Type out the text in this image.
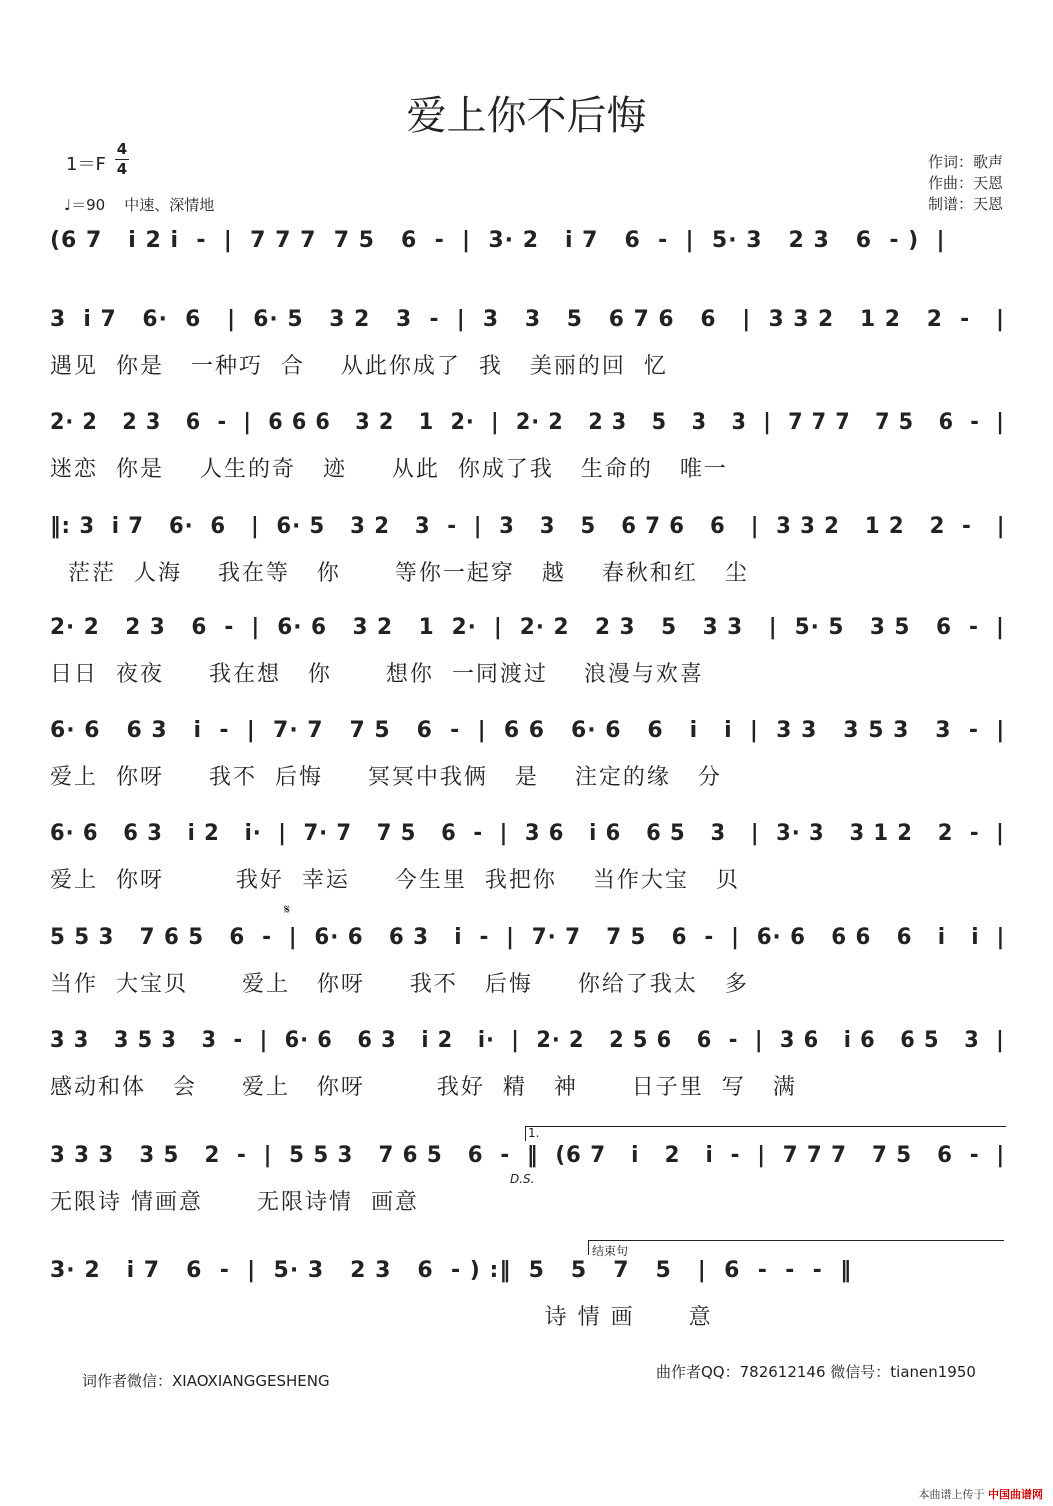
爱上你不后悔
1＝F
4
4
♩＝90 中速、深情地
作词：歌声
作曲：天恩
制谱：天恩
(6 7   i 2 i  -  |  7 7 7  7 5   6  -  |  3· 2   i 7   6  -  |  5· 3   2 3   6  - )  |
3  i 7   6·  6   |  6· 5   3 2   3  -  |  3   3   5   6 7 6   6   |  3 3 2   1 2   2  -   |
遇见  你是   一种巧  合    从此你成了  我   美丽的回  忆
2· 2   2 3   6  -  |  6 6 6   3 2   1  2·  |  2· 2   2 3   5   3   3  |  7 7 7   7 5   6  -  |
迷恋  你是    人生的奇   迹     从此  你成了我   生命的   唯一
‖: 3  i 7   6·  6   |  6· 5   3 2   3  -  |  3   3   5   6 7 6   6   |  3 3 2   1 2   2  -   |
茫茫  人海    我在等   你      等你一起穿   越    春秋和红   尘
2· 2   2 3   6  -  |  6· 6   3 2   1  2·  |  2· 2   2 3   5   3 3   |  5· 5   3 5   6  -  |
日日  夜夜     我在想   你      想你  一同渡过    浪漫与欢喜
6· 6   6 3   i  -  |  7· 7   7 5   6  -  |  6 6   6· 6   6   i   i  |  3 3   3 5 3   3  -  |
爱上  你呀     我不  后悔     冥冥中我俩   是    注定的缘   分
6· 6   6 3   i 2   i·  |  7· 7   7 5   6  -  |  3 6   i 6   6 5   3   |  3· 3   3 1 2   2  -  |
爱上  你呀        我好  幸运     今生里  我把你    当作大宝   贝
5 5 3   7 6 5   6  -  |  6· 6   6 3   i  -  |  7· 7   7 5   6  -  |  6· 6   6 6   6   i   i  |
当作  大宝贝      爱上   你呀     我不   后悔     你给了我太   多
3 3   3 5 3   3  -  |  6· 6   6 3   i 2   i·  |  2· 2   2 5 6   6  -  |  3 6   i 6   6 5   3  |
感动和体   会     爱上   你呀        我好  精   神      日子里  写   满
3 3 3   3 5   2  -  |  5 5 3   7 6 5   6  -  ‖  (6 7   i   2   i  -  |  7 7 7   7 5   6  -  |
无限诗 情画意      无限诗情  画意
3· 2   i 7   6  -  |  5· 3   2 3   6  - ) :‖  5   5   7   5   |  6  -  -  -  ‖
诗 情 画      意
D.S.
𝄋
1.
结束句
词作者微信：XIAOXIANGGESHENG	曲作者QQ：782612146 微信号：tianen1950
本曲谱上传于 中国曲谱网
